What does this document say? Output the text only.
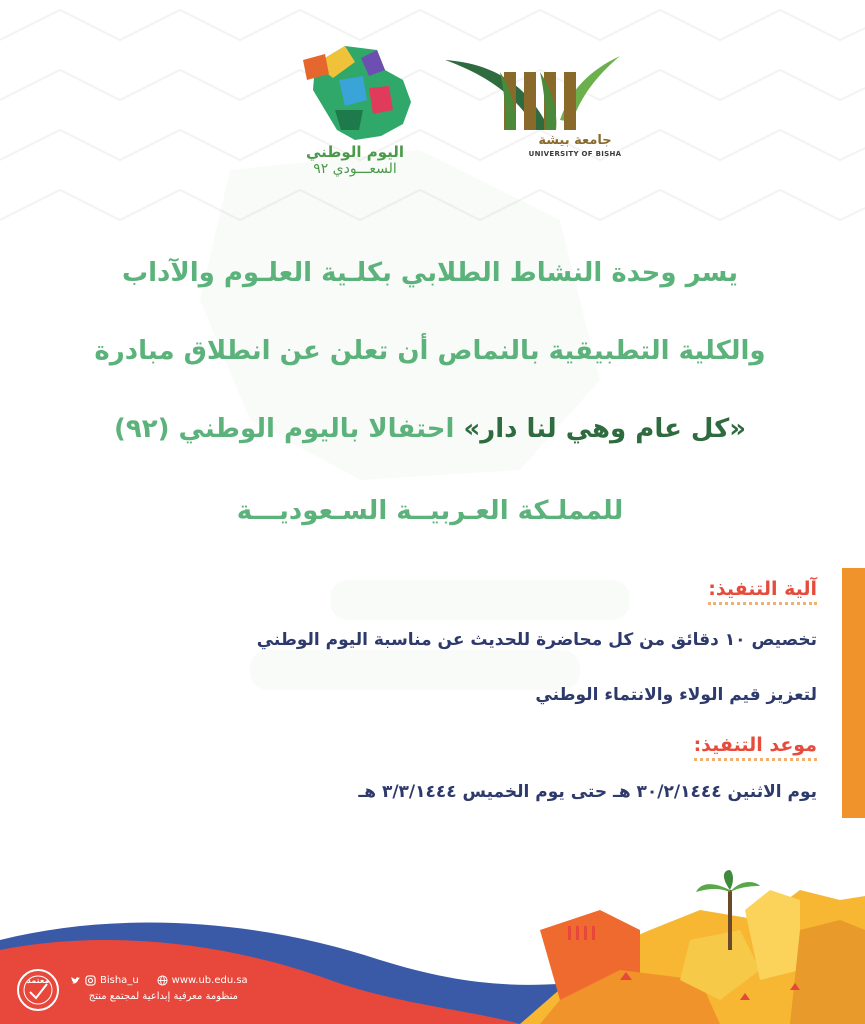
اليوم الوطني
السعـــودي ٩٢
جامعة بيشة
UNIVERSITY OF BISHA
يسر وحدة النشاط الطلابي بكلـية العلـوم والآداب
والكلية التطبيقية بالنماص أن تعلن عن انطلاق مبادرة
«كل عام وهي لنا دار» احتفالا باليوم الوطني (٩٢)
للمملـكة العـربيــة السـعوديـــة
آلية التنفيذ:
تخصيص ١٠ دقائق من كل محاضرة للحديث عن مناسبة اليوم الوطني
لتعزيز قيم الولاء والانتماء الوطني
موعد التنفيذ:
يوم الاثنين ٣٠/٢/١٤٤٤ هـ حتى يوم الخميس ٣/٣/١٤٤٤ هـ
معتمد	Bisha_u	www.ub.edu.sa
منظومة معرفية إبداعية لمجتمع منتج
